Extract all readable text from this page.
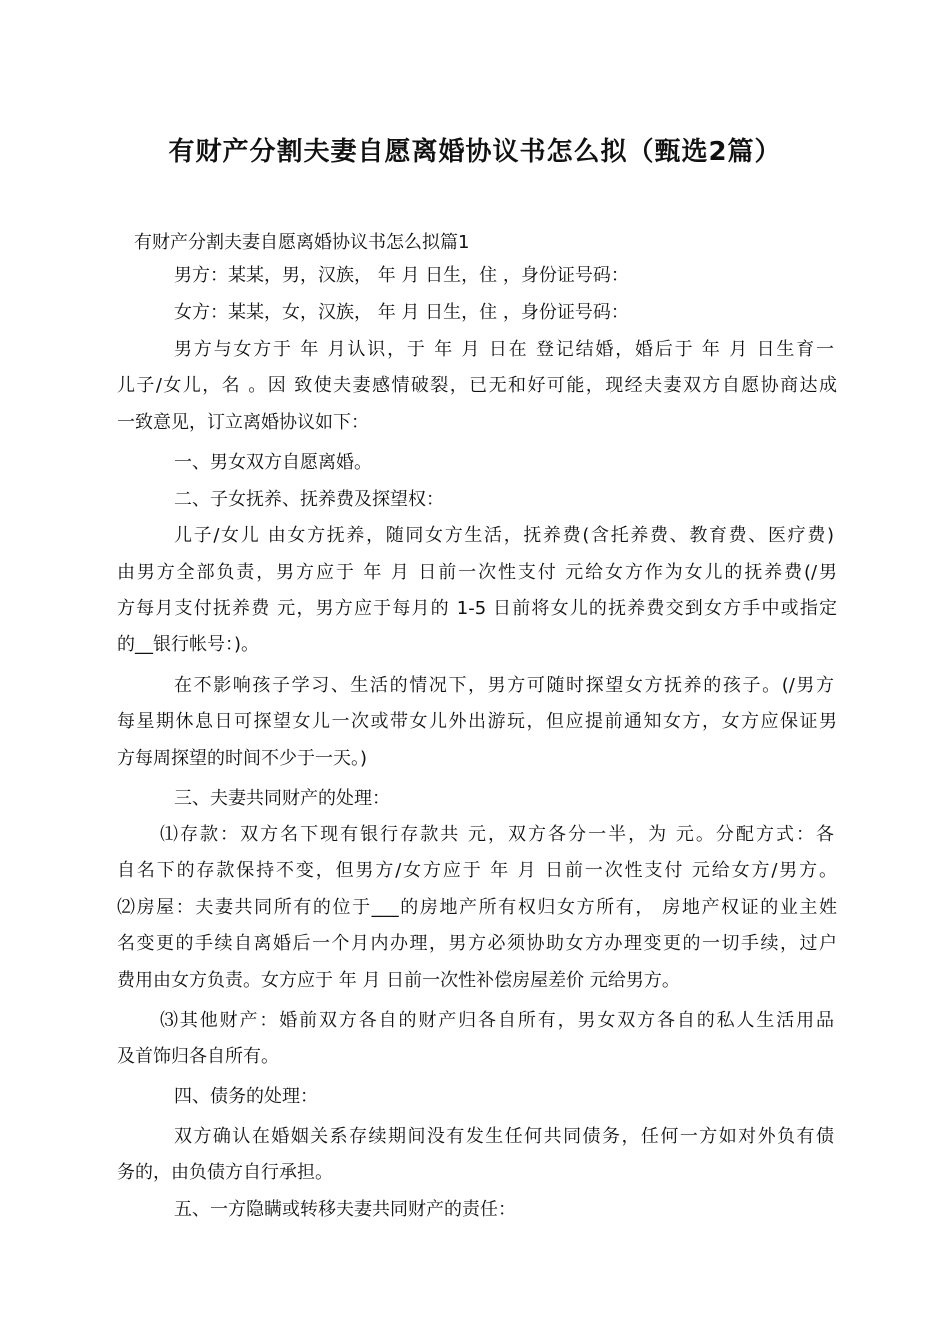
有财产分割夫妻自愿离婚协议书怎么拟（甄选2篇）

有财产分割夫妻自愿离婚协议书怎么拟篇1

男方：某某，男，汉族， 年 月 日生，住 ，身份证号码：

女方：某某，女，汉族， 年 月 日生，住 ，身份证号码：

男方与女方于 年 月认识，于 年 月 日在 登记结婚，婚后于 年 月 日生育一

儿子/女儿，名 。因 致使夫妻感情破裂，已无和好可能，现经夫妻双方自愿协商达成

一致意见，订立离婚协议如下：

一、男女双方自愿离婚。

二、子女抚养、抚养费及探望权：

儿子/女儿 由女方抚养，随同女方生活，抚养费(含托养费、教育费、医疗费)

由男方全部负责，男方应于 年 月 日前一次性支付 元给女方作为女儿的抚养费(/男

方每月支付抚养费 元，男方应于每月的 1-5 日前将女儿的抚养费交到女方手中或指定

的__银行帐号：)。

在不影响孩子学习、生活的情况下，男方可随时探望女方抚养的孩子。(/男方

每星期休息日可探望女儿一次或带女儿外出游玩，但应提前通知女方，女方应保证男

方每周探望的时间不少于一天。)

三、夫妻共同财产的处理：

⑴存款：双方名下现有银行存款共 元，双方各分一半，为 元。分配方式：各

自名下的存款保持不变，但男方/女方应于 年 月 日前一次性支付 元给女方/男方。

⑵房屋：夫妻共同所有的位于___的房地产所有权归女方所有， 房地产权证的业主姓

名变更的手续自离婚后一个月内办理，男方必须协助女方办理变更的一切手续，过户

费用由女方负责。女方应于 年 月 日前一次性补偿房屋差价 元给男方。

⑶其他财产：婚前双方各自的财产归各自所有，男女双方各自的私人生活用品

及首饰归各自所有。

四、债务的处理：

双方确认在婚姻关系存续期间没有发生任何共同债务，任何一方如对外负有债

务的，由负债方自行承担。

五、一方隐瞒或转移夫妻共同财产的责任：
